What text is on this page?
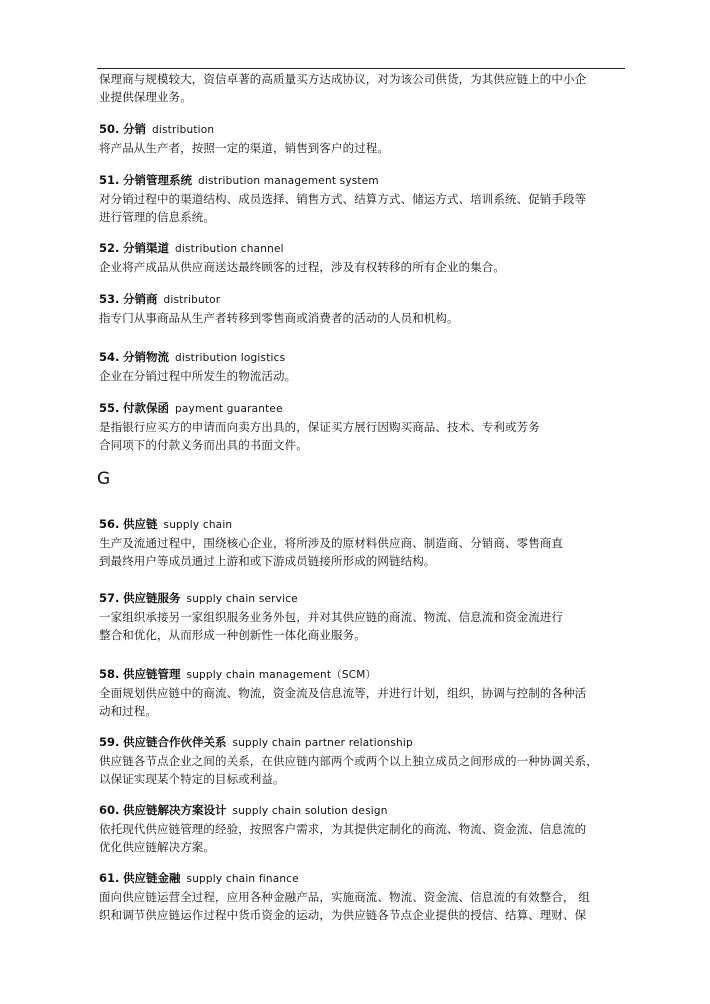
保理商与规模较大，资信卓著的高质量买方达成协议，对为该公司供货，为其供应链上的中小企
业提供保理业务。
50. 分销 distribution
将产品从生产者，按照一定的渠道，销售到客户的过程。
51. 分销管理系统 distribution management system
对分销过程中的渠道结构、成员选择、销售方式、结算方式、储运方式、培训系统、促销手段等
进行管理的信息系统。
52. 分销渠道 distribution channel
企业将产成品从供应商送达最终顾客的过程，涉及有权转移的所有企业的集合。
53. 分销商 distributor
指专门从事商品从生产者转移到零售商或消费者的活动的人员和机构。
54. 分销物流 distribution logistics
企业在分销过程中所发生的物流活动。
55. 付款保函 payment guarantee
是指银行应买方的申请而向卖方出具的，保证买方展行因购买商品、技术、专利或芳务
合同项下的付款义务而出具的书面文件。
G
56. 供应链 supply chain
生产及流通过程中，围绕核心企业，将所涉及的原材料供应商、制造商、分销商、零售商直
到最终用户等成员通过上游和或下游成员链接所形成的网链结构。
57. 供应链服务 supply chain service
一家组织承接另一家组织服务业务外包，并对其供应链的商流、物流、信息流和资金流进行
整合和优化，从而形成一种创新性一体化商业服务。
58. 供应链管理 supply chain management（SCM）
全面规划供应链中的商流、物流，资金流及信息流等，并进行计划，组织，协调与控制的各种活
动和过程。
59. 供应链合作伙伴关系 supply chain partner relationship
供应链各节点企业之间的关系，在供应链内部两个或两个以上独立成员之间形成的一种协调关系，
以保证实现某个特定的目标或利益。
60. 供应链解决方案设计 supply chain solution design
依托现代供应链管理的经验，按照客户需求，为其提供定制化的商流、物流、资金流、信息流的
优化供应链解决方案。
61. 供应链金融 supply chain finance
面向供应链运营全过程，应用各种金融产品，实施商流、物流、资金流、信息流的有效整合， 组
织和调节供应链运作过程中货币资金的运动，为供应链各节点企业提供的授信、结算、理财、保
